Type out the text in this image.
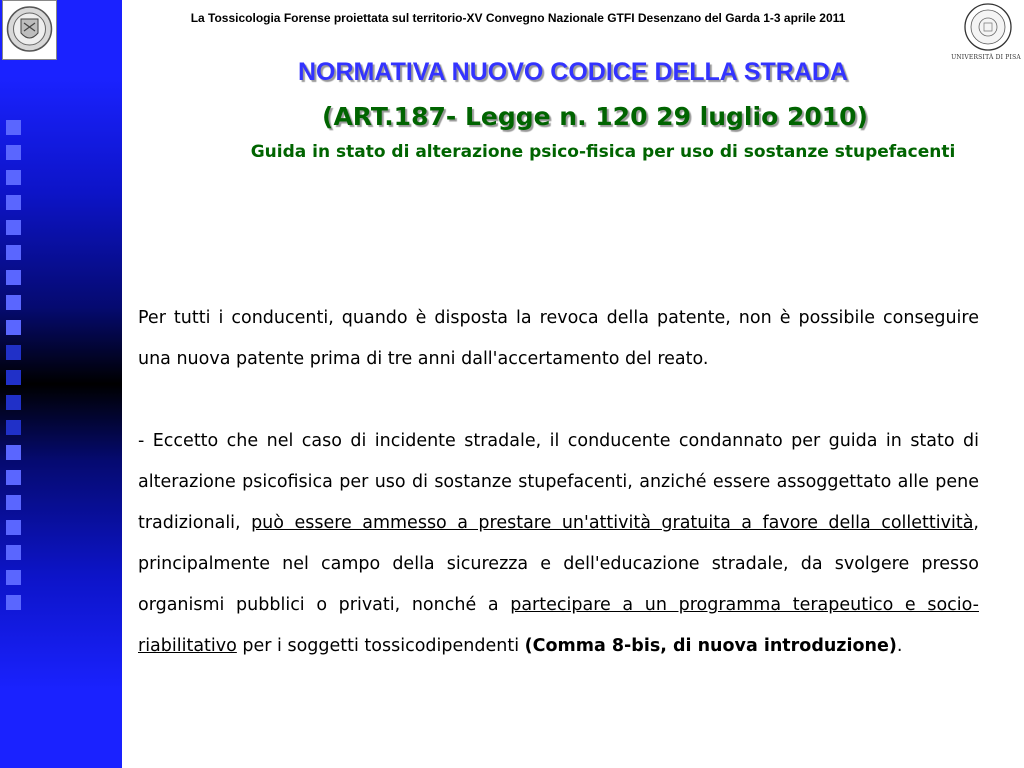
La Tossicologia Forense proiettata sul territorio-XV Convegno Nazionale GTFI Desenzano del Garda 1-3 aprile 2011
UNIVERSITÀ DI PISA
NORMATIVA NUOVO CODICE DELLA STRADA
(ART.187- Legge n. 120 29 luglio 2010)
Guida in stato di alterazione psico-fisica per uso di sostanze stupefacenti

Per tutti i conducenti, quando è disposta la revoca della patente, non è possibile conseguire una nuova patente prima di tre anni dall'accertamento del reato.

- Eccetto che nel caso di incidente stradale, il conducente condannato per guida in stato di alterazione psicofisica per uso di sostanze stupefacenti, anziché essere assoggettato alle pene tradizionali, può essere ammesso a prestare un'attività gratuita a favore della collettività, principalmente nel campo della sicurezza e dell'educazione stradale, da svolgere presso organismi pubblici o privati, nonché a partecipare a un programma terapeutico e socio-riabilitativo per i soggetti tossicodipendenti (Comma 8-bis, di nuova introduzione).
